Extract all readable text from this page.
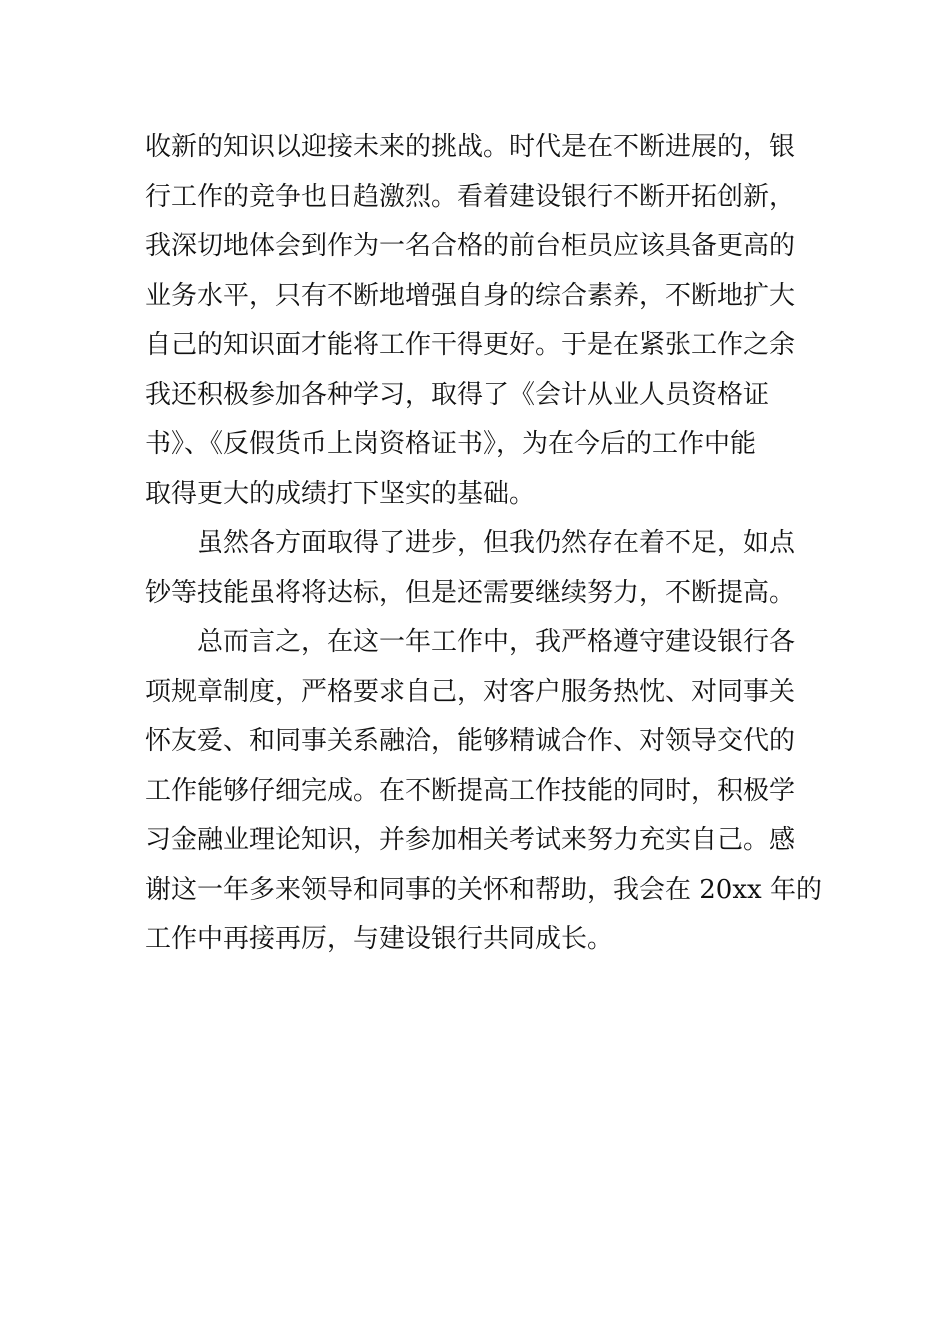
收新的知识以迎接未来的挑战。时代是在不断进展的，银
行工作的竞争也日趋激烈。看着建设银行不断开拓创新，
我深切地体会到作为一名合格的前台柜员应该具备更高的
业务水平，只有不断地增强自身的综合素养，不断地扩大
自己的知识面才能将工作干得更好。于是在紧张工作之余
我还积极参加各种学习，取得了《会计从业人员资格证
书》、《反假货币上岗资格证书》，为在今后的工作中能
取得更大的成绩打下坚实的基础。
　　虽然各方面取得了进步，但我仍然存在着不足，如点
钞等技能虽将将达标，但是还需要继续努力，不断提高。
　　总而言之，在这一年工作中，我严格遵守建设银行各
项规章制度，严格要求自己，对客户服务热忱、对同事关
怀友爱、和同事关系融洽，能够精诚合作、对领导交代的
工作能够仔细完成。在不断提高工作技能的同时，积极学
习金融业理论知识，并参加相关考试来努力充实自己。感
谢这一年多来领导和同事的关怀和帮助，我会在 20xx 年的
工作中再接再厉，与建设银行共同成长。
